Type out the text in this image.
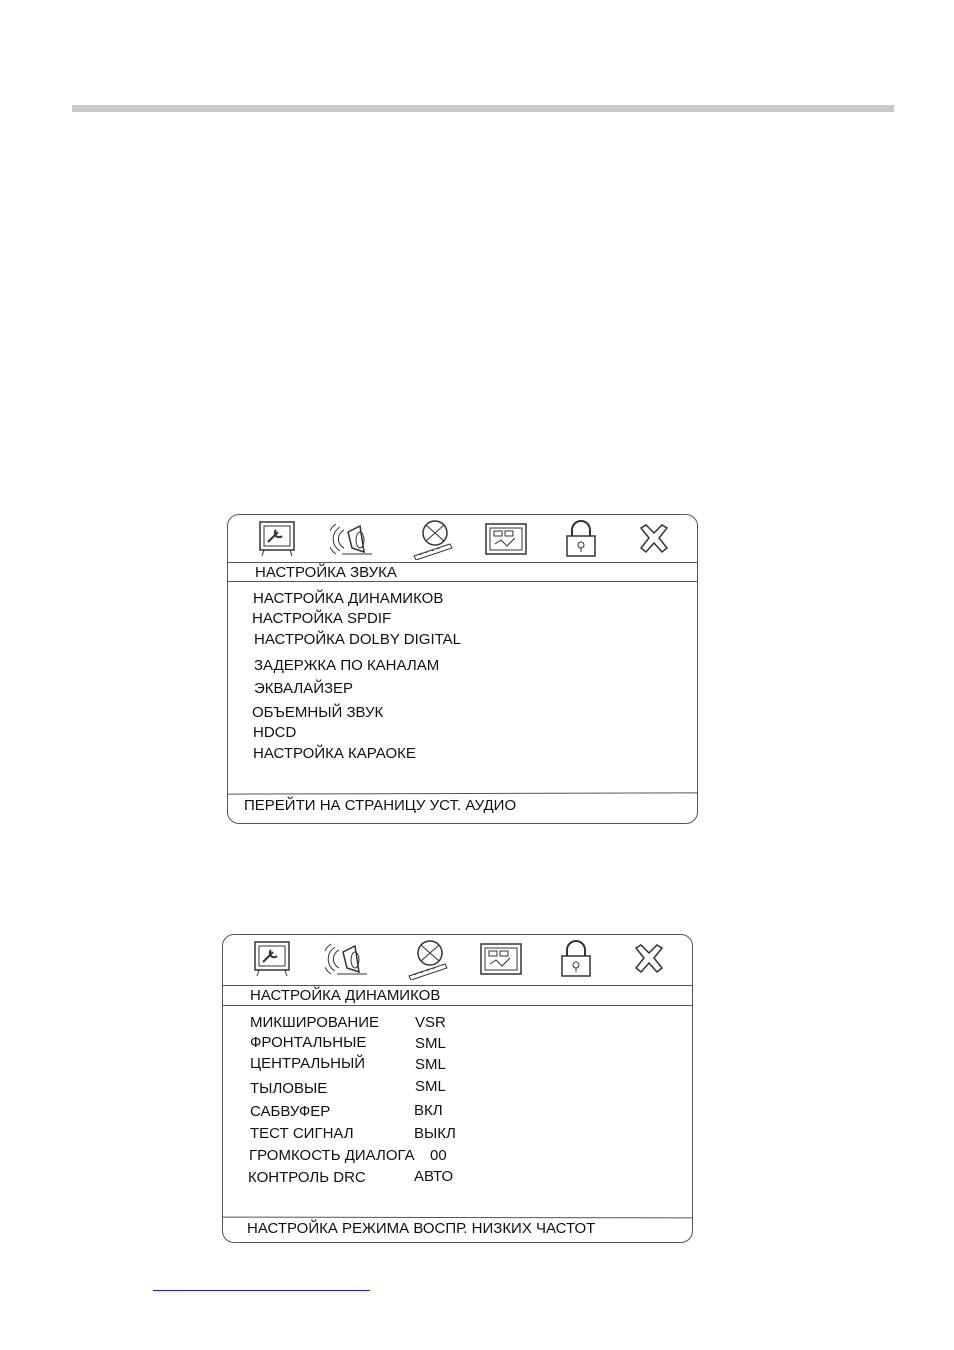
НАСТРОЙКА ЗВУКА
НАСТРОЙКА ДИНАМИКОВ
НАСТРОЙКА SPDIF
НАСТРОЙКА DOLBY DIGITAL
ЗАДЕРЖКА ПО КАНАЛАМ
ЭКВАЛАЙЗЕР
ОБЪЕМНЫЙ ЗВУК
HDCD
НАСТРОЙКА КАРАОКЕ
ПЕРЕЙТИ НА СТРАНИЦУ УСТ. АУДИО
НАСТРОЙКА ДИНАМИКОВ
МИКШИРОВАНИЕ VSR
ФРОНТАЛЬНЫЕ	SML
ЦЕНТРАЛЬНЫЙ	SML
ТЫЛОВЫЕ	SML
САБВУФЕР	ВКЛ
ТЕСТ СИГНАЛ	ВЫКЛ
ГРОМКОСТЬ ДИАЛОГА 00
КОНТРОЛЬ DRC	АВТО
НАСТРОЙКА РЕЖИМА ВОСПР. НИЗКИХ ЧАСТОТ
